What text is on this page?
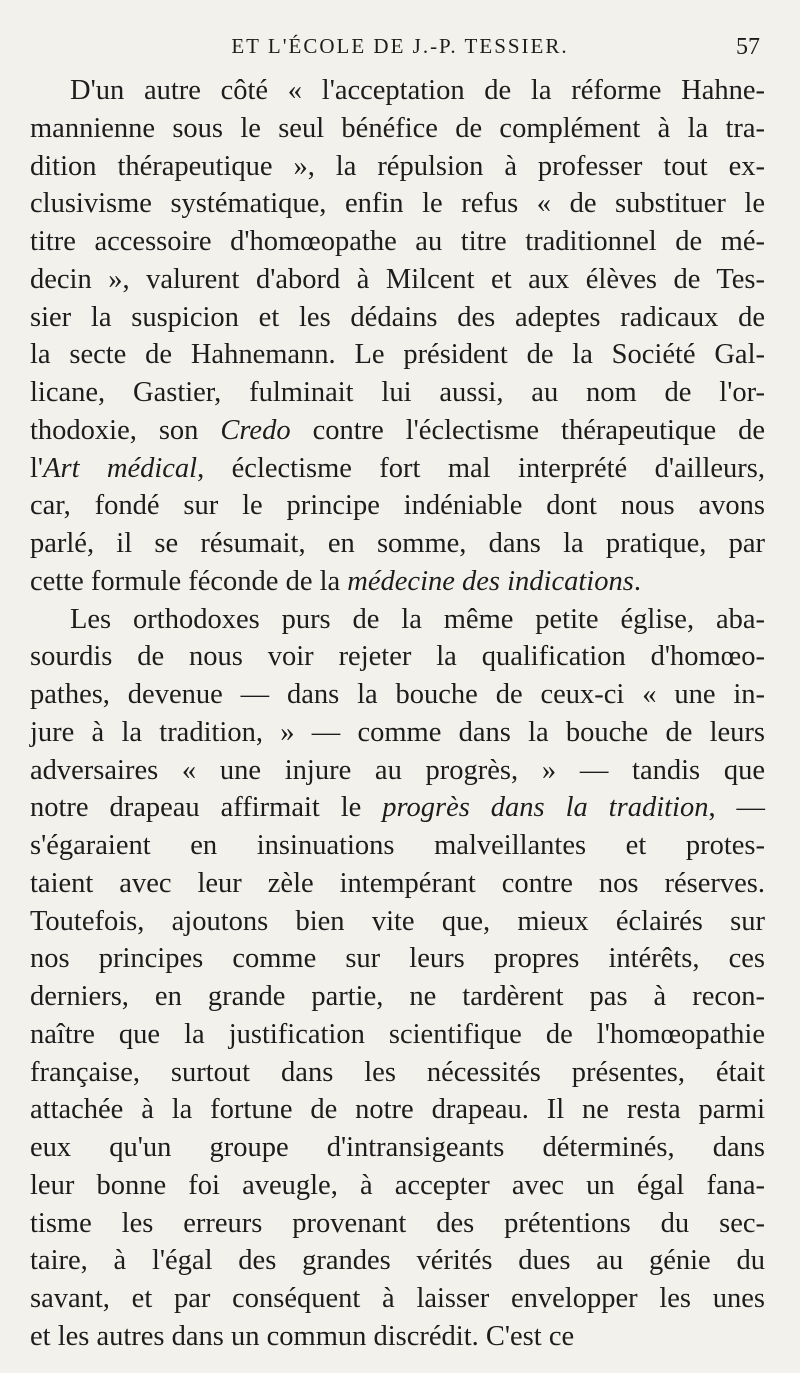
ET L'ÉCOLE DE J.-P. TESSIER.	57
D'un autre côté « l'acceptation de la réforme Hahne-
mannienne sous le seul bénéfice de complément à la tra-
dition thérapeutique », la répulsion à professer tout ex-
clusivisme systématique, enfin le refus « de substituer le
titre accessoire d'homœopathe au titre traditionnel de mé-
decin », valurent d'abord à Milcent et aux élèves de Tes-
sier la suspicion et les dédains des adeptes radicaux de
la secte de Hahnemann. Le président de la Société Gal-
licane, Gastier, fulminait lui aussi, au nom de l'or-
thodoxie, son Credo contre l'éclectisme thérapeutique de
l'Art médical, éclectisme fort mal interprété d'ailleurs,
car, fondé sur le principe indéniable dont nous avons
parlé, il se résumait, en somme, dans la pratique, par
cette formule féconde de la médecine des indications.
Les orthodoxes purs de la même petite église, aba-
sourdis de nous voir rejeter la qualification d'homœo-
pathes, devenue — dans la bouche de ceux-ci « une in-
jure à la tradition, » — comme dans la bouche de leurs
adversaires « une injure au progrès, » — tandis que
notre drapeau affirmait le progrès dans la tradition, —
s'égaraient en insinuations malveillantes et protes-
taient avec leur zèle intempérant contre nos réserves.
Toutefois, ajoutons bien vite que, mieux éclairés sur
nos principes comme sur leurs propres intérêts, ces
derniers, en grande partie, ne tardèrent pas à recon-
naître que la justification scientifique de l'homœopathie
française, surtout dans les nécessités présentes, était
attachée à la fortune de notre drapeau. Il ne resta parmi
eux qu'un groupe d'intransigeants déterminés, dans
leur bonne foi aveugle, à accepter avec un égal fana-
tisme les erreurs provenant des prétentions du sec-
taire, à l'égal des grandes vérités dues au génie du
savant, et par conséquent à laisser envelopper les unes
et les autres dans un commun discrédit. C'est ce
